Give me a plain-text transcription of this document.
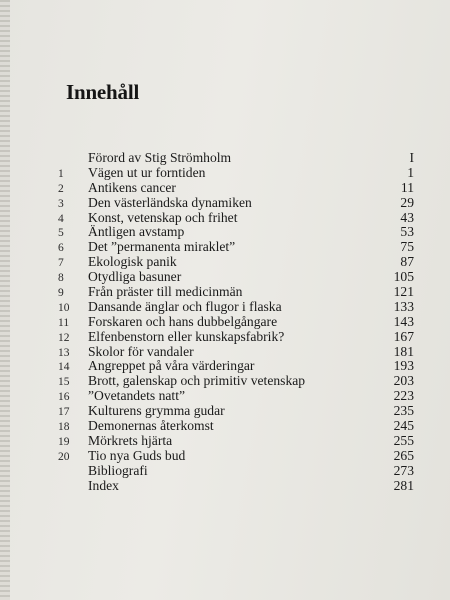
Innehåll
Förord av Stig Strömholm	I
1	Vägen ut ur forntiden	1
2	Antikens cancer	11
3	Den västerländska dynamiken	29
4	Konst, vetenskap och frihet	43
5	Äntligen avstamp	53
6	Det ”permanenta miraklet”	75
7	Ekologisk panik	87
8	Otydliga basuner	105
9	Från präster till medicinmän	121
10	Dansande änglar och flugor i flaska	133
11	Forskaren och hans dubbelgångare	143
12	Elfenbenstorn eller kunskapsfabrik?	167
13	Skolor för vandaler	181
14	Angreppet på våra värderingar	193
15	Brott, galenskap och primitiv vetenskap	203
16	”Ovetandets natt”	223
17	Kulturens grymma gudar	235
18	Demonernas återkomst	245
19	Mörkrets hjärta	255
20	Tio nya Guds bud	265
Bibliografi	273
Index	281
